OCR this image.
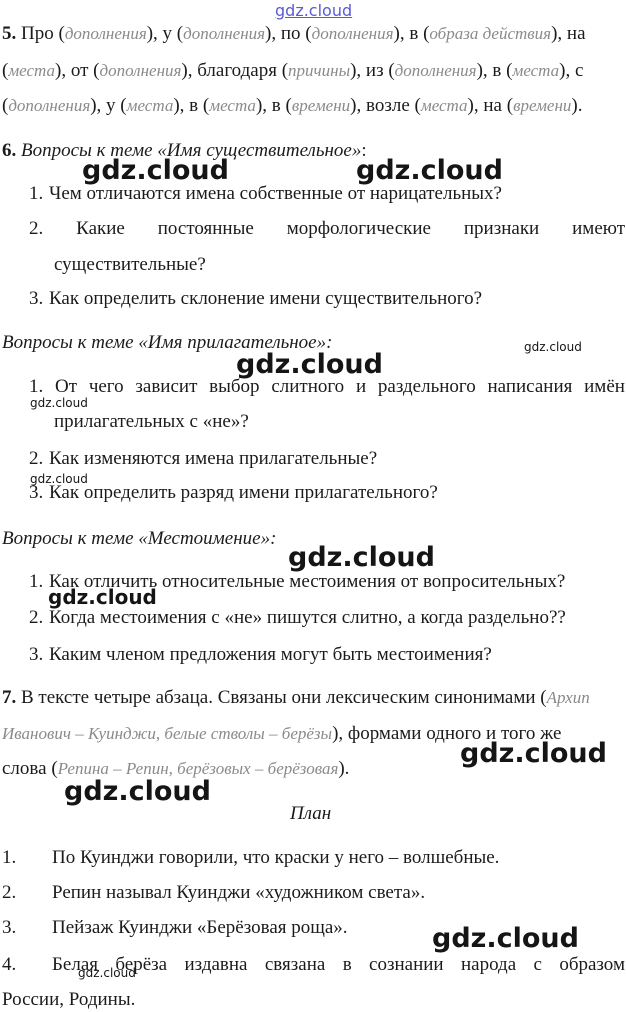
gdz.cloud
gdz.cloud	gdz.cloud
gdz.cloud
gdz.cloud
gdz.cloud
gdz.cloud
gdz.cloud
gdz.cloud
gdz.cloud
gdz.cloud
gdz.cloud
gdz.cloud
5. Про (дополнения), у (дополнения), по (дополнения), в (образа действия), на
(места), от (дополнения), благодаря (причины), из (дополнения), в (места), с
(дополнения), у (места), в (места), в (времени), возле (места), на (времени).
6. Вопросы к теме «Имя существительное»:
1. Чем отличаются имена собственные от нарицательных?
2. Какие постоянные морфологические признаки имеют
существительные?
3. Как определить склонение имени существительного?
Вопросы к теме «Имя прилагательное»:
1. От чего зависит выбор слитного и раздельного написания имён
прилагательных с «не»?
2. Как изменяются имена прилагательные?
3. Как определить разряд имени прилагательного?
Вопросы к теме «Местоимение»:
1. Как отличить относительные местоимения от вопросительных?
2. Когда местоимения с «не» пишутся слитно, а когда раздельно??
3. Каким членом предложения могут быть местоимения?
7. В тексте четыре абзаца. Связаны они лексическим синонимами (Архип
Иванович – Куинджи, белые стволы – берёзы), формами одного и того же
слова (Репина – Репин, берёзовых – берёзовая).
План
1. По Куинджи говорили, что краски у него – волшебные.
2. Репин называл Куинджи «художником света».
3. Пейзаж Куинджи «Берёзовая роща».
4.	Белая берёза издавна связана в сознании народа с образом
России, Родины.
